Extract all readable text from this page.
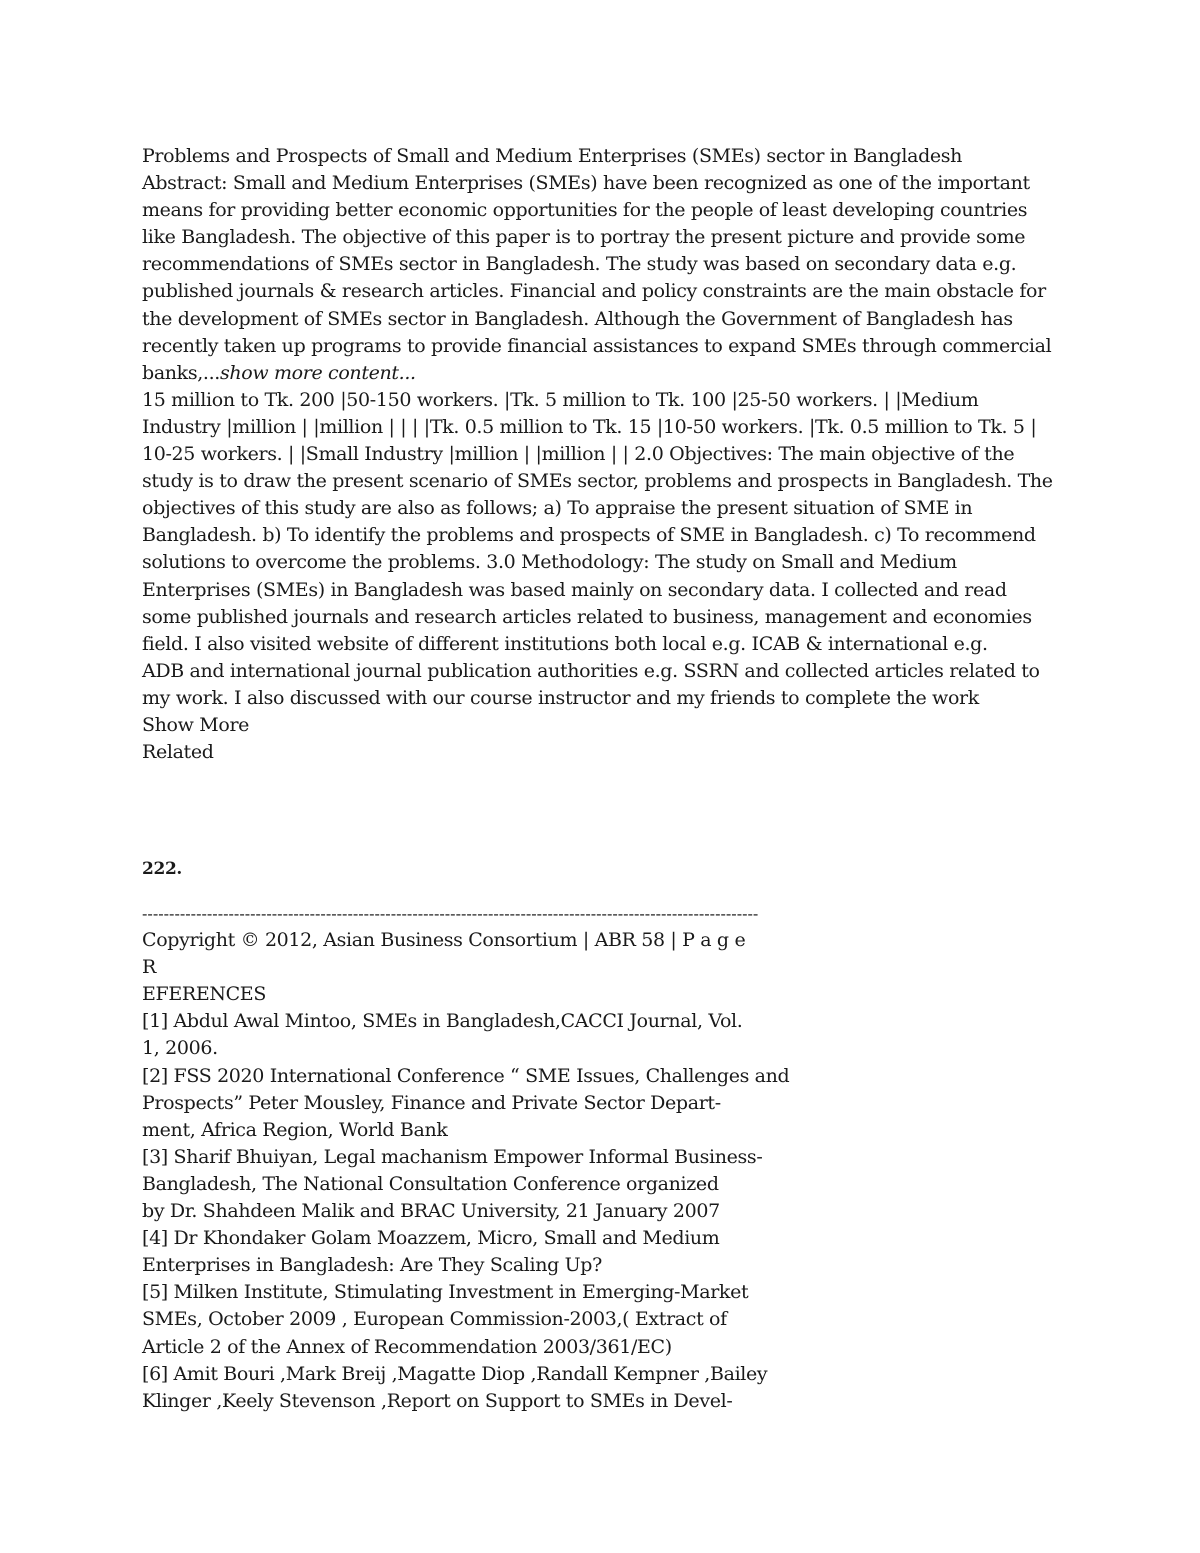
Problems and Prospects of Small and Medium Enterprises (SMEs) sector in Bangladesh
Abstract: Small and Medium Enterprises (SMEs) have been recognized as one of the important
means for providing better economic opportunities for the people of least developing countries
like Bangladesh. The objective of this paper is to portray the present picture and provide some
recommendations of SMEs sector in Bangladesh. The study was based on secondary data e.g.
published journals & research articles. Financial and policy constraints are the main obstacle for
the development of SMEs sector in Bangladesh. Although the Government of Bangladesh has
recently taken up programs to provide financial assistances to expand SMEs through commercial
banks,...show more content...
15 million to Tk. 200 |50-150 workers. |Tk. 5 million to Tk. 100 |25-50 workers. | |Medium
Industry |million | |million | | | |Tk. 0.5 million to Tk. 15 |10-50 workers. |Tk. 0.5 million to Tk. 5 |
10-25 workers. | |Small Industry |million | |million | | 2.0 Objectives: The main objective of the
study is to draw the present scenario of SMEs sector, problems and prospects in Bangladesh. The
objectives of this study are also as follows; a) To appraise the present situation of SME in
Bangladesh. b) To identify the problems and prospects of SME in Bangladesh. c) To recommend
solutions to overcome the problems. 3.0 Methodology: The study on Small and Medium
Enterprises (SMEs) in Bangladesh was based mainly on secondary data. I collected and read
some published journals and research articles related to business, management and economies
field. I also visited website of different institutions both local e.g. ICAB & international e.g.
ADB and international journal publication authorities e.g. SSRN and collected articles related to
my work. I also discussed with our course instructor and my friends to complete the work
Show More
Related
222.
------------------------------------------------------------------------------------------------------------------
Copyright © 2012, Asian Business Consortium | ABR 58 | P a g e
R
EFERENCES
[1] Abdul Awal Mintoo, SMEs in Bangladesh,CACCI Journal, Vol.
1, 2006.
[2] FSS 2020 International Conference “ SME Issues, Challenges and
Prospects” Peter Mousley, Finance and Private Sector Depart-
ment, Africa Region, World Bank
[3] Sharif Bhuiyan, Legal machanism Empower Informal Business-
Bangladesh, The National Consultation Conference organized
by Dr. Shahdeen Malik and BRAC University, 21 January 2007
[4] Dr Khondaker Golam Moazzem, Micro, Small and Medium
Enterprises in Bangladesh: Are They Scaling Up?
[5] Milken Institute, Stimulating Investment in Emerging-Market
SMEs, October 2009 , European Commission-2003,( Extract of
Article 2 of the Annex of Recommendation 2003/361/EC)
[6] Amit Bouri ,Mark Breij ,Magatte Diop ,Randall Kempner ,Bailey
Klinger ,Keely Stevenson ,Report on Support to SMEs in Devel-
